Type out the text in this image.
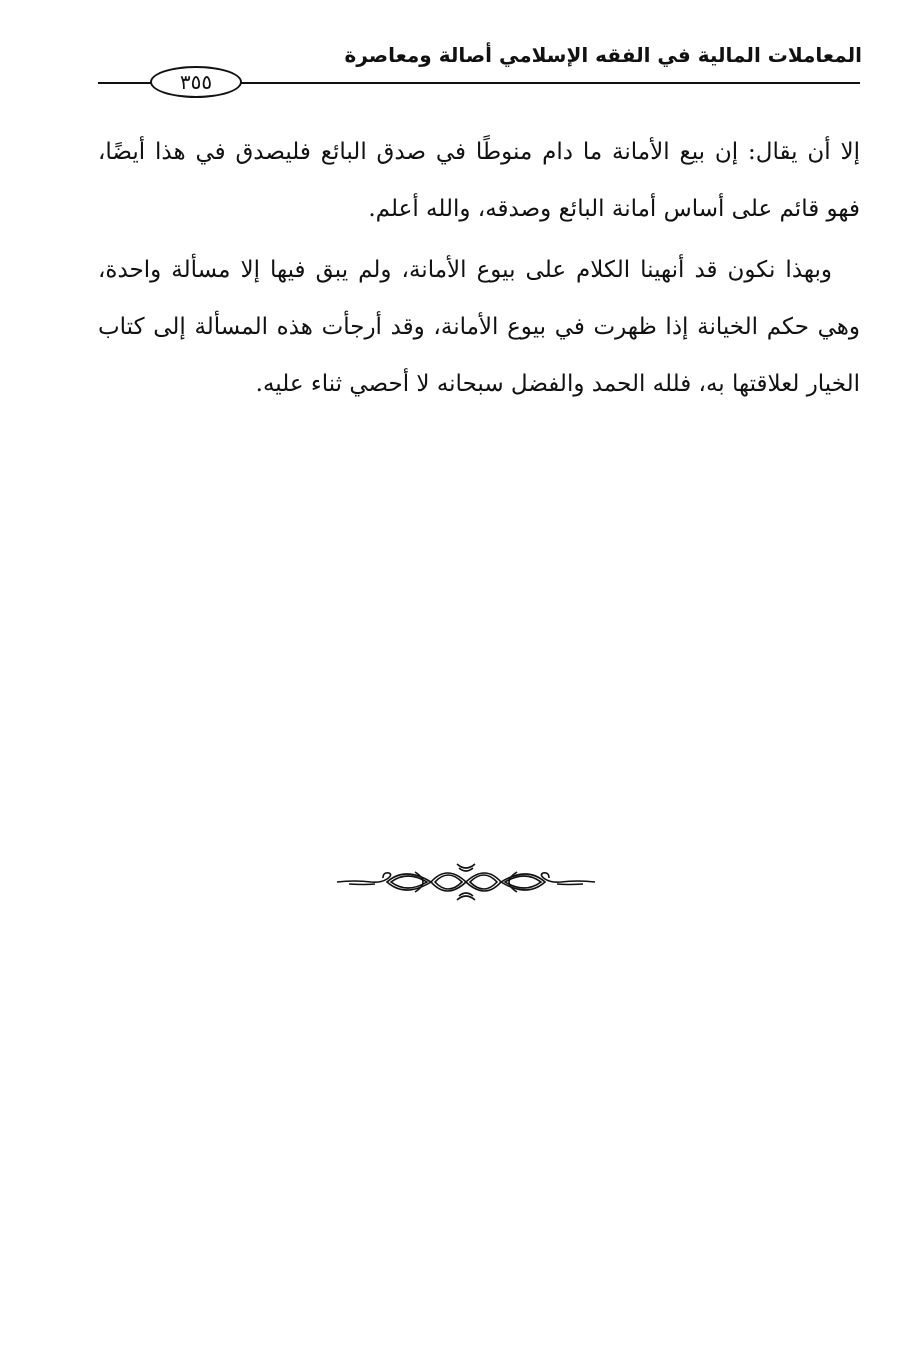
المعاملات المالية في الفقه الإسلامي أصالة ومعاصرة
٣٥٥

إلا أن يقال: إن بيع الأمانة ما دام منوطًا في صدق البائع فليصدق في هذا أيضًا، فهو قائم على أساس أمانة البائع وصدقه، والله أعلم.

وبهذا نكون قد أنهينا الكلام على بيوع الأمانة، ولم يبق فيها إلا مسألة واحدة، وهي حكم الخيانة إذا ظهرت في بيوع الأمانة، وقد أرجأت هذه المسألة إلى كتاب الخيار لعلاقتها به، فلله الحمد والفضل سبحانه لا أحصي ثناء عليه.
